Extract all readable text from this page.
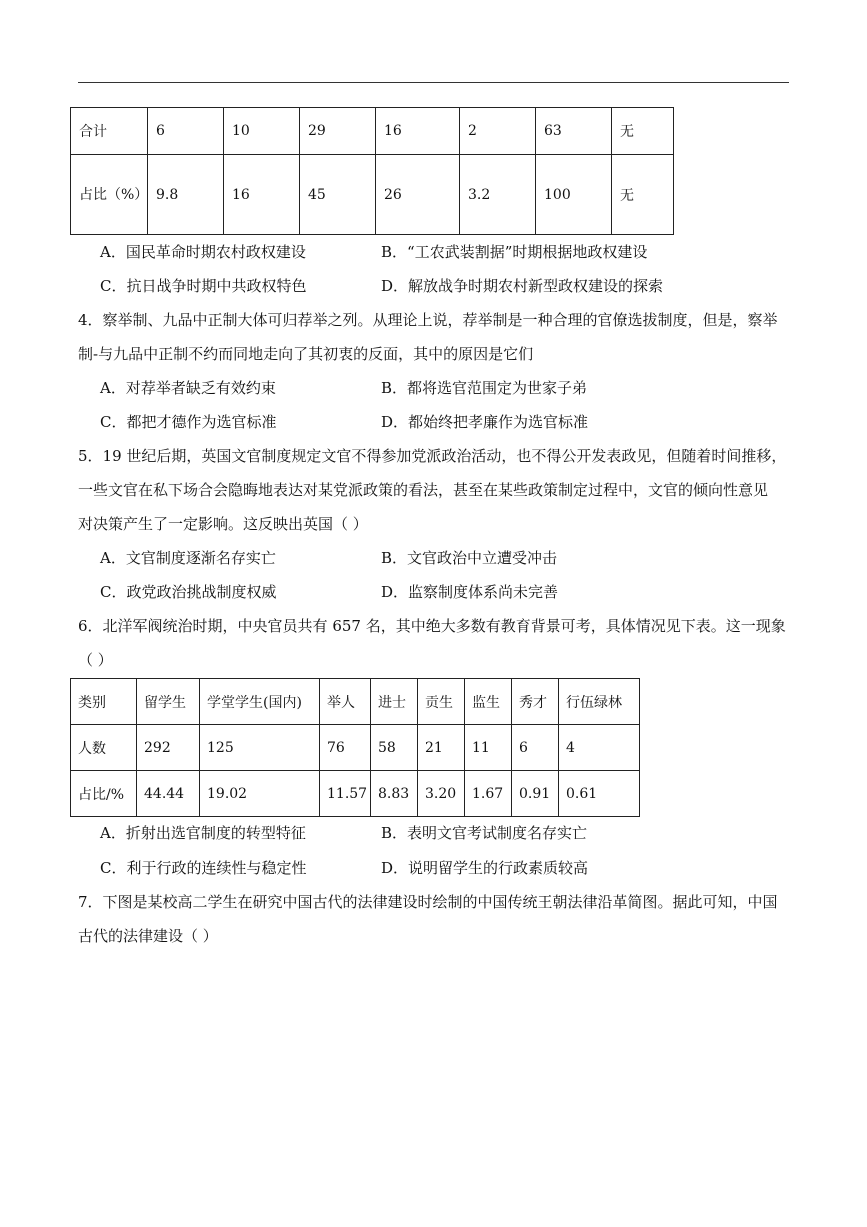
合计	6	10	29	16	2	63	无
占比（%）	9.8	16	45	26	3.2	100	无
A．国民革命时期农村政权建设	B．“工农武装割据”时期根据地政权建设
C．抗日战争时期中共政权特色	D．解放战争时期农村新型政权建设的探索
4．察举制、九品中正制大体可归荐举之列。从理论上说，荐举制是一种合理的官僚选拔制度，但是，察举
制-与九品中正制不约而同地走向了其初衷的反面，其中的原因是它们
A．对荐举者缺乏有效约束	B．都将选官范围定为世家子弟
C．都把才德作为选官标准	D．都始终把孝廉作为选官标准
5．19 世纪后期，英国文官制度规定文官不得参加党派政治活动，也不得公开发表政见，但随着时间推移，
一些文官在私下场合会隐晦地表达对某党派政策的看法，甚至在某些政策制定过程中，文官的倾向性意见
对决策产生了一定影响。这反映出英国（ ）
A．文官制度逐渐名存实亡	B．文官政治中立遭受冲击
C．政党政治挑战制度权威	D．监察制度体系尚未完善
6．北洋军阀统治时期，中央官员共有 657 名，其中绝大多数有教育背景可考，具体情况见下表。这一现象
（ ）
类别	留学生	学堂学生(国内)	举人	进士	贡生	监生	秀才	行伍绿林
人数	292	125	76	58	21	11	6	4
占比/%	44.44	19.02	11.57	8.83	3.20	1.67	0.91	0.61
A．折射出选官制度的转型特征	B．表明文官考试制度名存实亡
C．利于行政的连续性与稳定性	D．说明留学生的行政素质较高
7．下图是某校高二学生在研究中国古代的法律建设时绘制的中国传统王朝法律沿革简图。据此可知，中国
古代的法律建设（ ）
